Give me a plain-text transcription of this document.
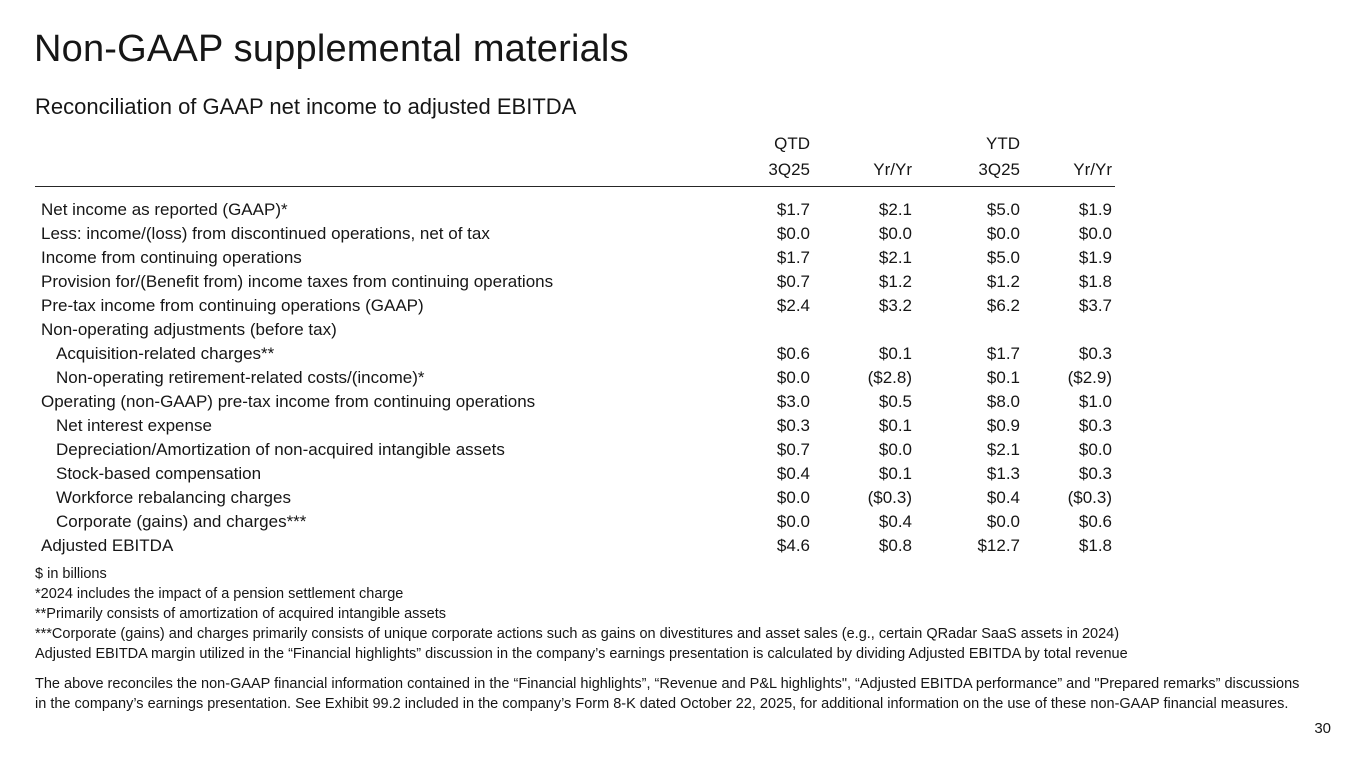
Non-GAAP supplemental materials
Reconciliation of GAAP net income to adjusted EBITDA
	QTD		YTD	
	3Q25	Yr/Yr	3Q25	Yr/Yr

Net income as reported (GAAP)*	$1.7	$2.1	$5.0	$1.9
Less: income/(loss) from discontinued operations, net of tax	$0.0	$0.0	$0.0	$0.0
Income from continuing operations	$1.7	$2.1	$5.0	$1.9
Provision for/(Benefit from) income taxes from continuing operations	$0.7	$1.2	$1.2	$1.8
Pre-tax income from continuing operations (GAAP)	$2.4	$3.2	$6.2	$3.7
Non-operating adjustments (before tax)				
Acquisition-related charges**	$0.6	$0.1	$1.7	$0.3
Non-operating retirement-related costs/(income)*	$0.0	($2.8)	$0.1	($2.9)
Operating (non-GAAP) pre-tax income from continuing operations	$3.0	$0.5	$8.0	$1.0
Net interest expense	$0.3	$0.1	$0.9	$0.3
Depreciation/Amortization of non-acquired intangible assets	$0.7	$0.0	$2.1	$0.0
Stock-based compensation	$0.4	$0.1	$1.3	$0.3
Workforce rebalancing charges	$0.0	($0.3)	$0.4	($0.3)
Corporate (gains) and charges***	$0.0	$0.4	$0.0	$0.6
Adjusted EBITDA	$4.6	$0.8	$12.7	$1.8
$ in billions
*2024 includes the impact of a pension settlement charge
**Primarily consists of amortization of acquired intangible assets
***Corporate (gains) and charges primarily consists of unique corporate actions such as gains on divestitures and asset sales (e.g., certain QRadar SaaS assets in 2024)
Adjusted EBITDA margin utilized in the “Financial highlights” discussion in the company’s earnings presentation is calculated by dividing Adjusted EBITDA by total revenue
The above reconciles the non-GAAP financial information contained in the “Financial highlights”, “Revenue and P&L highlights", “Adjusted EBITDA performance” and "Prepared remarks” discussions in the company’s earnings presentation. See Exhibit 99.2 included in the company’s Form 8-K dated October 22, 2025, for additional information on the use of these non-GAAP financial measures.
30
